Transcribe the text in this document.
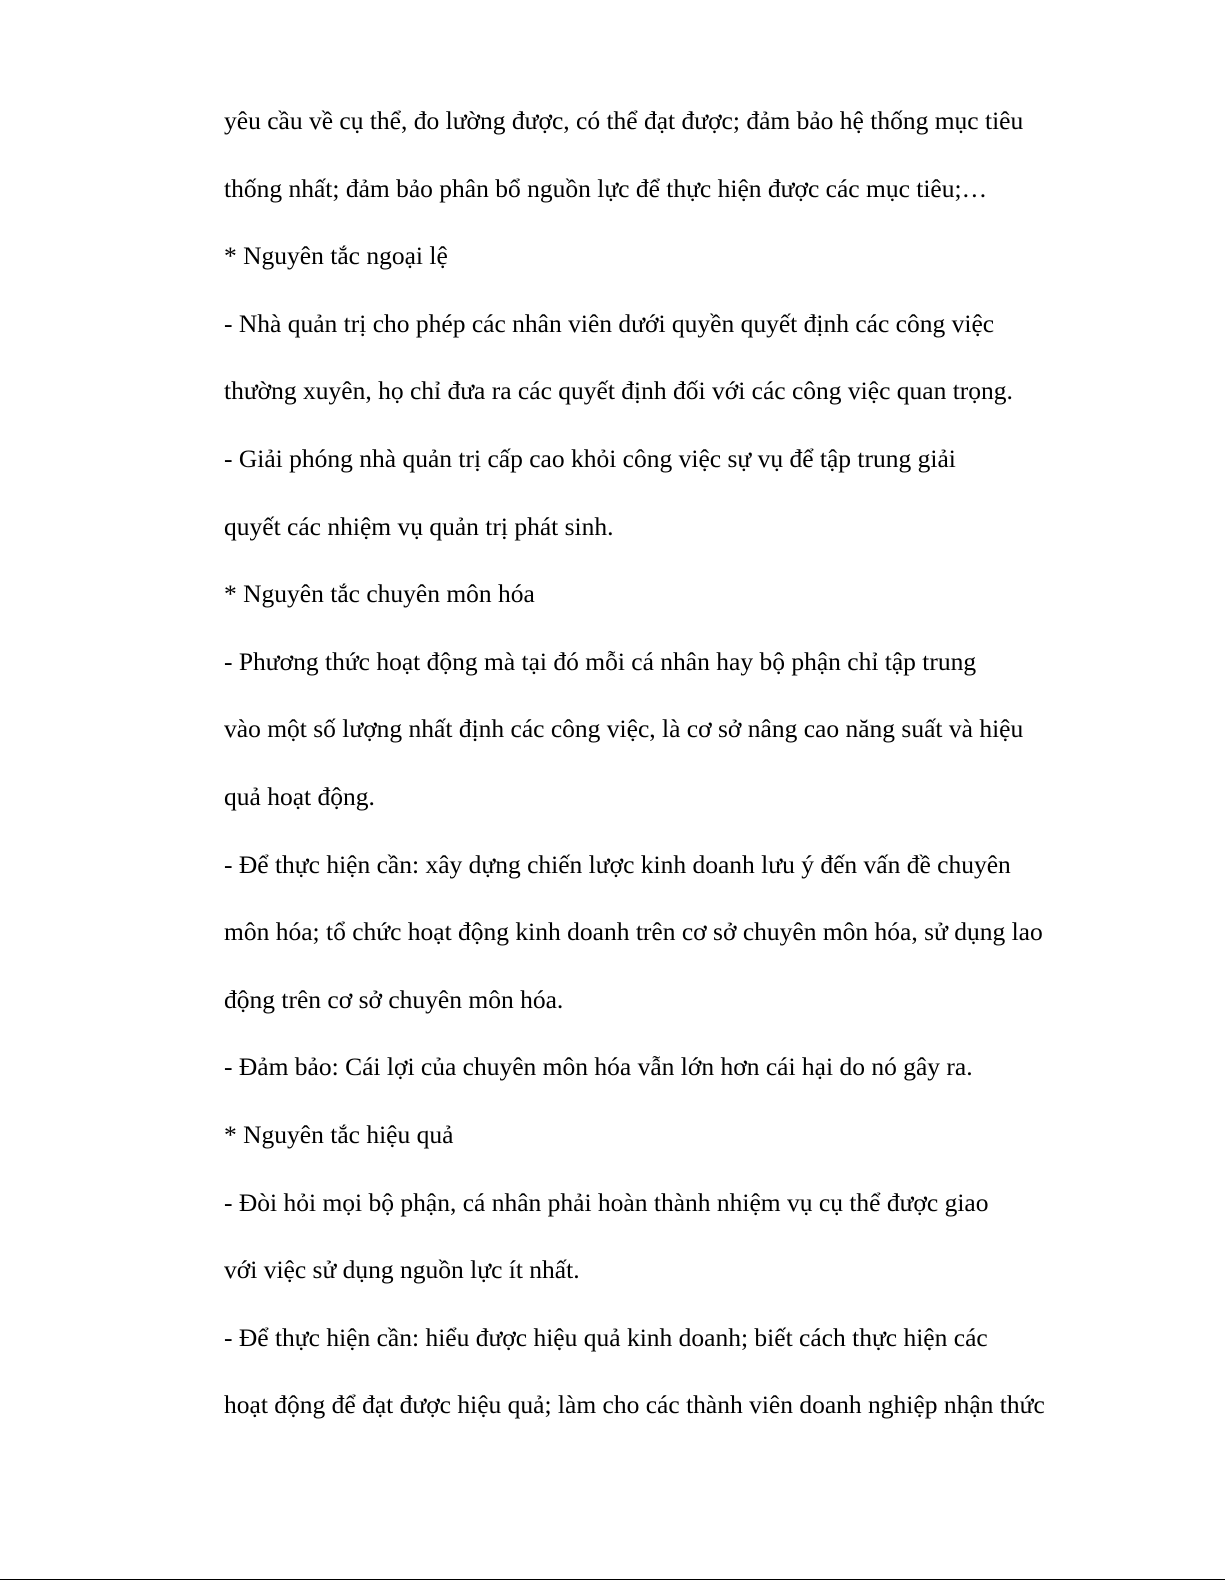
yêu cầu về cụ thể, đo lường được, có thể đạt được; đảm bảo hệ thống mục tiêu
thống nhất; đảm bảo phân bổ nguồn lực để thực hiện được các mục tiêu;…
* Nguyên tắc ngoại lệ
- Nhà quản trị cho phép các nhân viên dưới quyền quyết định các công việc
thường xuyên, họ chỉ đưa ra các quyết định đối với các công việc quan trọng.
- Giải phóng nhà quản trị cấp cao khỏi công việc sự vụ để tập trung giải
quyết các nhiệm vụ quản trị phát sinh.
* Nguyên tắc chuyên môn hóa
- Phương thức hoạt động mà tại đó mỗi cá nhân hay bộ phận chỉ tập trung
vào một số lượng nhất định các công việc, là cơ sở nâng cao năng suất và hiệu
quả hoạt động.
- Để thực hiện cần: xây dựng chiến lược kinh doanh lưu ý đến vấn đề chuyên
môn hóa; tổ chức hoạt động kinh doanh trên cơ sở chuyên môn hóa, sử dụng lao
động trên cơ sở chuyên môn hóa.
- Đảm bảo: Cái lợi của chuyên môn hóa vẫn lớn hơn cái hại do nó gây ra.
* Nguyên tắc hiệu quả
- Đòi hỏi mọi bộ phận, cá nhân phải hoàn thành nhiệm vụ cụ thể được giao
với việc sử dụng nguồn lực ít nhất.
- Để thực hiện cần: hiểu được hiệu quả kinh doanh; biết cách thực hiện các
hoạt động để đạt được hiệu quả; làm cho các thành viên doanh nghiệp nhận thức
